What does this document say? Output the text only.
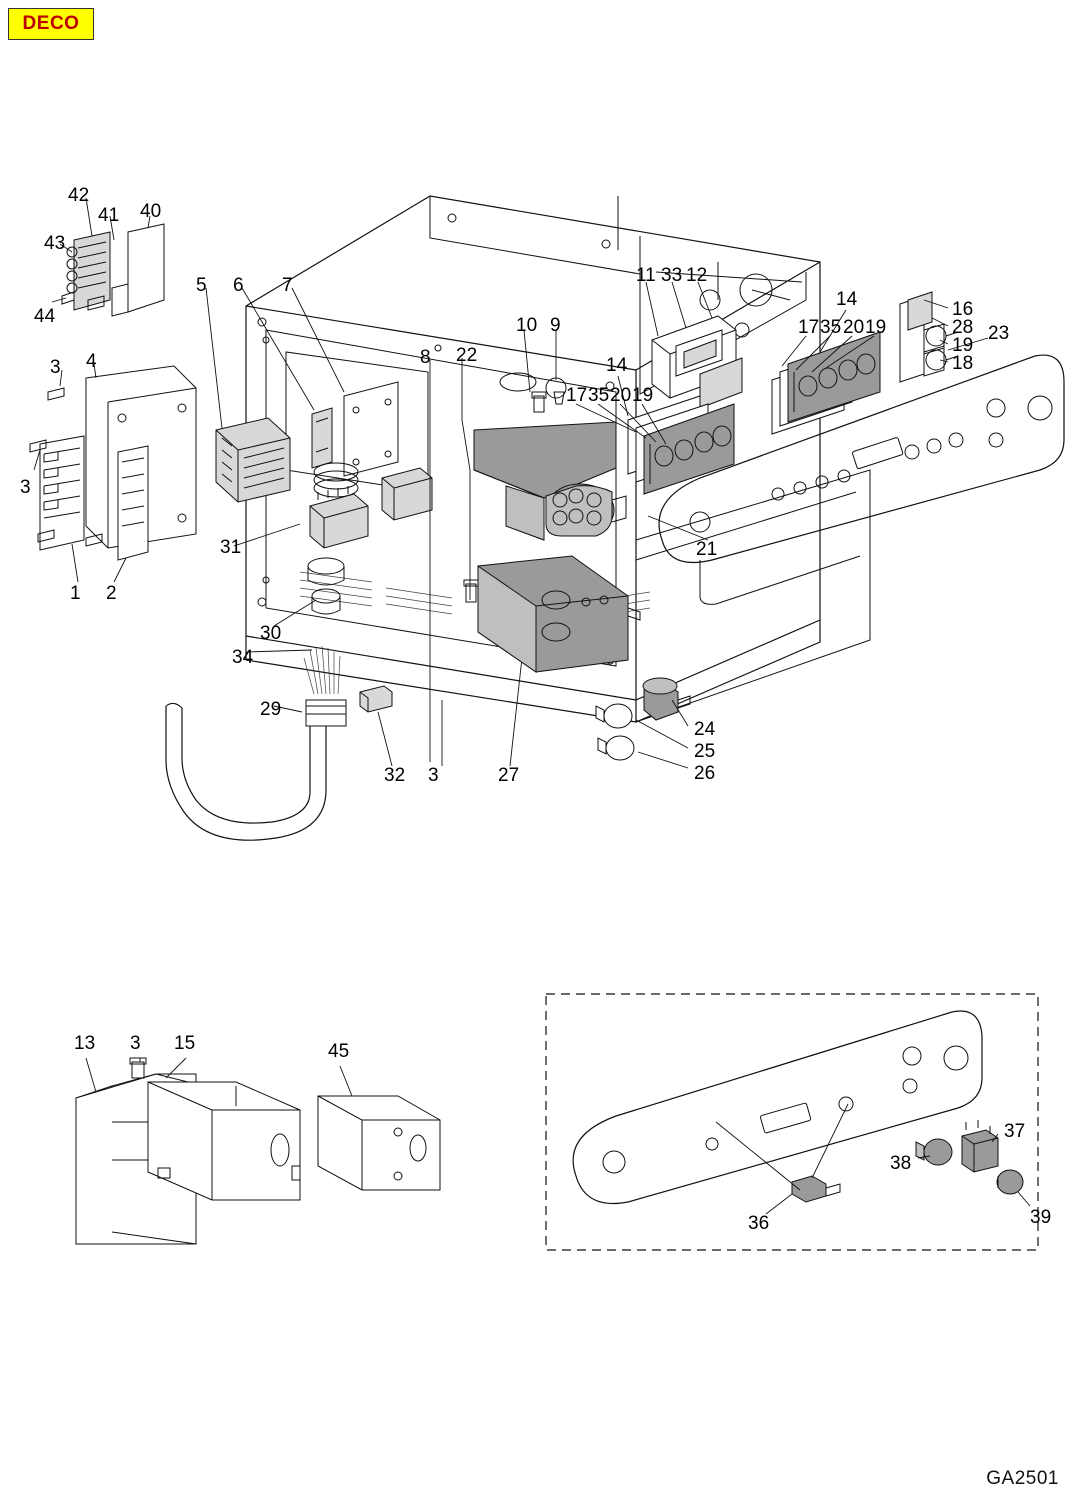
DECO
42
41 40
43
44
5 6 7
3 4
3
8 22
10 9
11 33 12
14
17 35 20 19
14
17 35 20 19
16
28
19
18
23
21
1 2
31
30
34
29
32 3	27
24
25
26
13 3 15	45
37
38
36	39
GA2501
